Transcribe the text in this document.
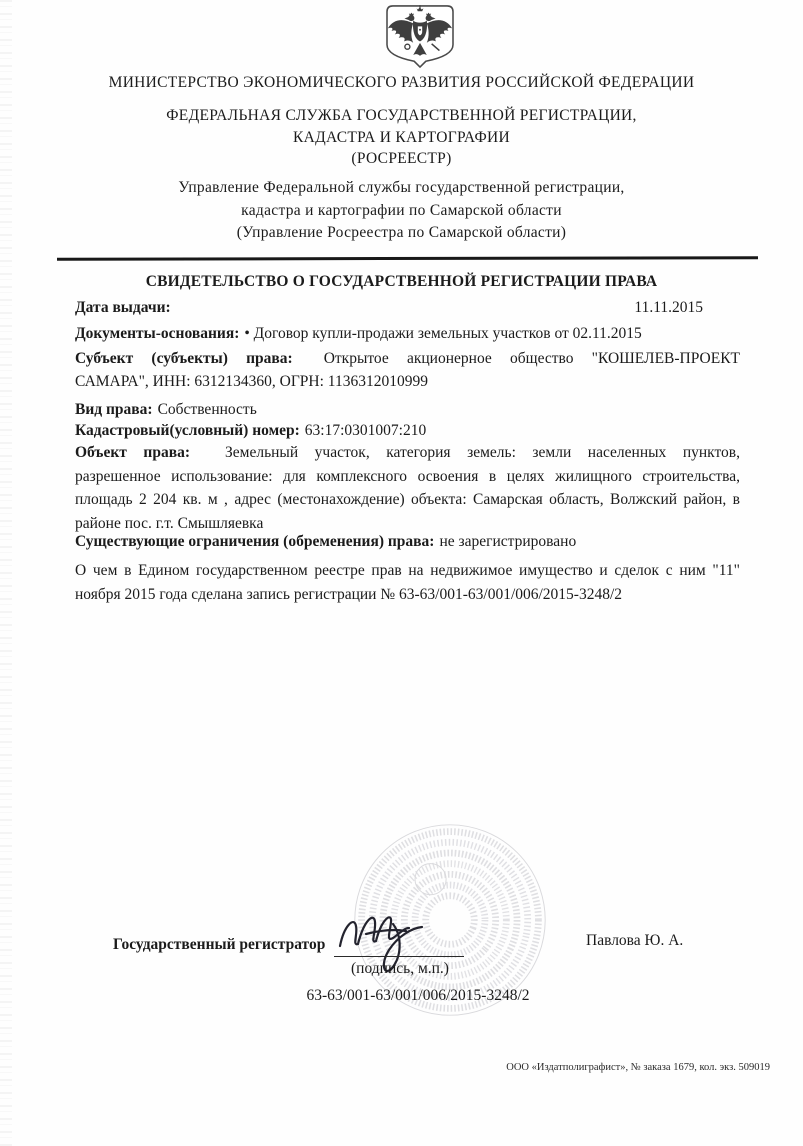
МИНИСТЕРСТВО ЭКОНОМИЧЕСКОГО РАЗВИТИЯ РОССИЙСКОЙ ФЕДЕРАЦИИ
ФЕДЕРАЛЬНАЯ СЛУЖБА ГОСУДАРСТВЕННОЙ РЕГИСТРАЦИИ,
КАДАСТРА И КАРТОГРАФИИ
(РОСРЕЕСТР)
Управление Федеральной службы государственной регистрации,
кадастра и картографии по Самарской области
(Управление Росреестра по Самарской области)
СВИДЕТЕЛЬСТВО О ГОСУДАРСТВЕННОЙ РЕГИСТРАЦИИ ПРАВА
Дата выдачи:	11.11.2015
Документы-основания: • Договор купли-продажи земельных участков от 02.11.2015

Субъект (субъекты) права: Открытое акционерное общество "КОШЕЛЕВ-ПРОЕКТ САМАРА", ИНН: 6312134360, ОГРН: 1136312010999

Вид права: Собственность
Кадастровый(условный) номер: 63:17:0301007:210

Объект права: Земельный участок, категория земель: земли населенных пунктов, разрешенное использование: для комплексного освоения в целях жилищного строительства, площадь 2 204 кв. м , адрес (местонахождение) объекта: Самарская область, Волжский район, в районе пос. г.т. Смышляевка

Существующие ограничения (обременения) права: не зарегистрировано

О чем в Едином государственном реестре прав на недвижимое имущество и сделок с ним "11" ноября 2015 года сделана запись регистрации № 63-63/001-63/001/006/2015-3248/2

Государственный регистратор
(подпись, м.п.)
63-63/001-63/001/006/2015-3248/2
Павлова Ю. А.
ООО «Издатполиграфист», № заказа 1679, кол. экз. 509019
